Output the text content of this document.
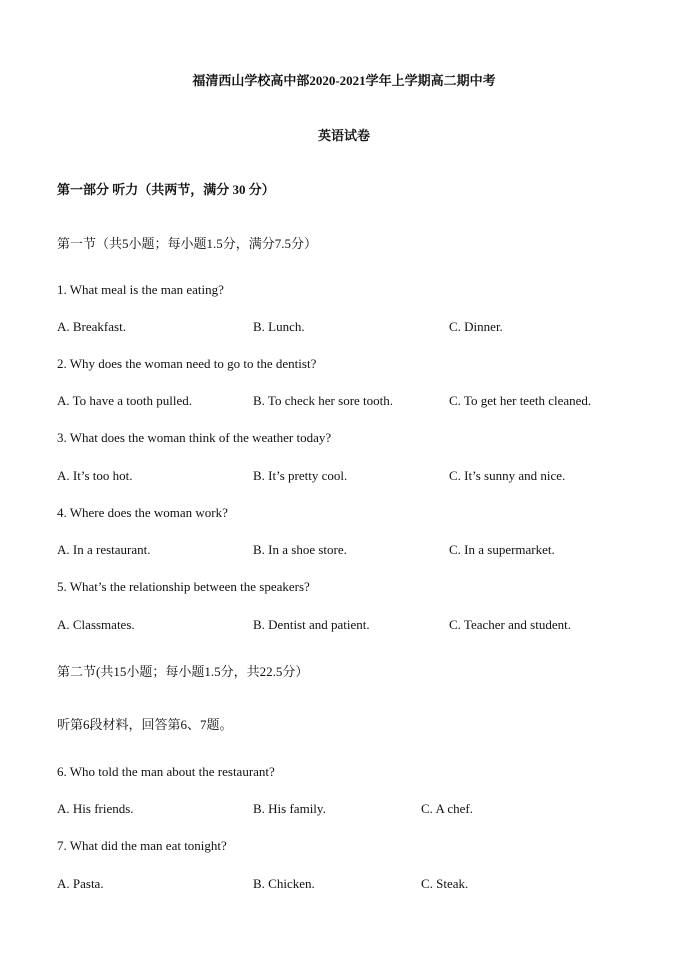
福清西山学校高中部2020-2021学年上学期高二期中考
英语试卷
第一部分 听力（共两节，满分 30 分）
第一节（共5小题；每小题1.5分，满分7.5分）
1. What meal is the man eating?
A. Breakfast.	B. Lunch.	C. Dinner.
2. Why does the woman need to go to the dentist?
A. To have a tooth pulled.	B. To check her sore tooth.	C. To get her teeth cleaned.
3. What does the woman think of the weather today?
A. It’s too hot.	B. It’s pretty cool.	C. It’s sunny and nice.
4. Where does the woman work?
A. In a restaurant.	B. In a shoe store.	C. In a supermarket.
5. What’s the relationship between the speakers?
A. Classmates.	B. Dentist and patient.	C. Teacher and student.
第二节(共15小题；每小题1.5分，共22.5分）
听第6段材料，回答第6、7题。
6. Who told the man about the restaurant?
A. His friends.	B. His family.	C. A chef.
7. What did the man eat tonight?
A. Pasta.	B. Chicken.	C. Steak.
